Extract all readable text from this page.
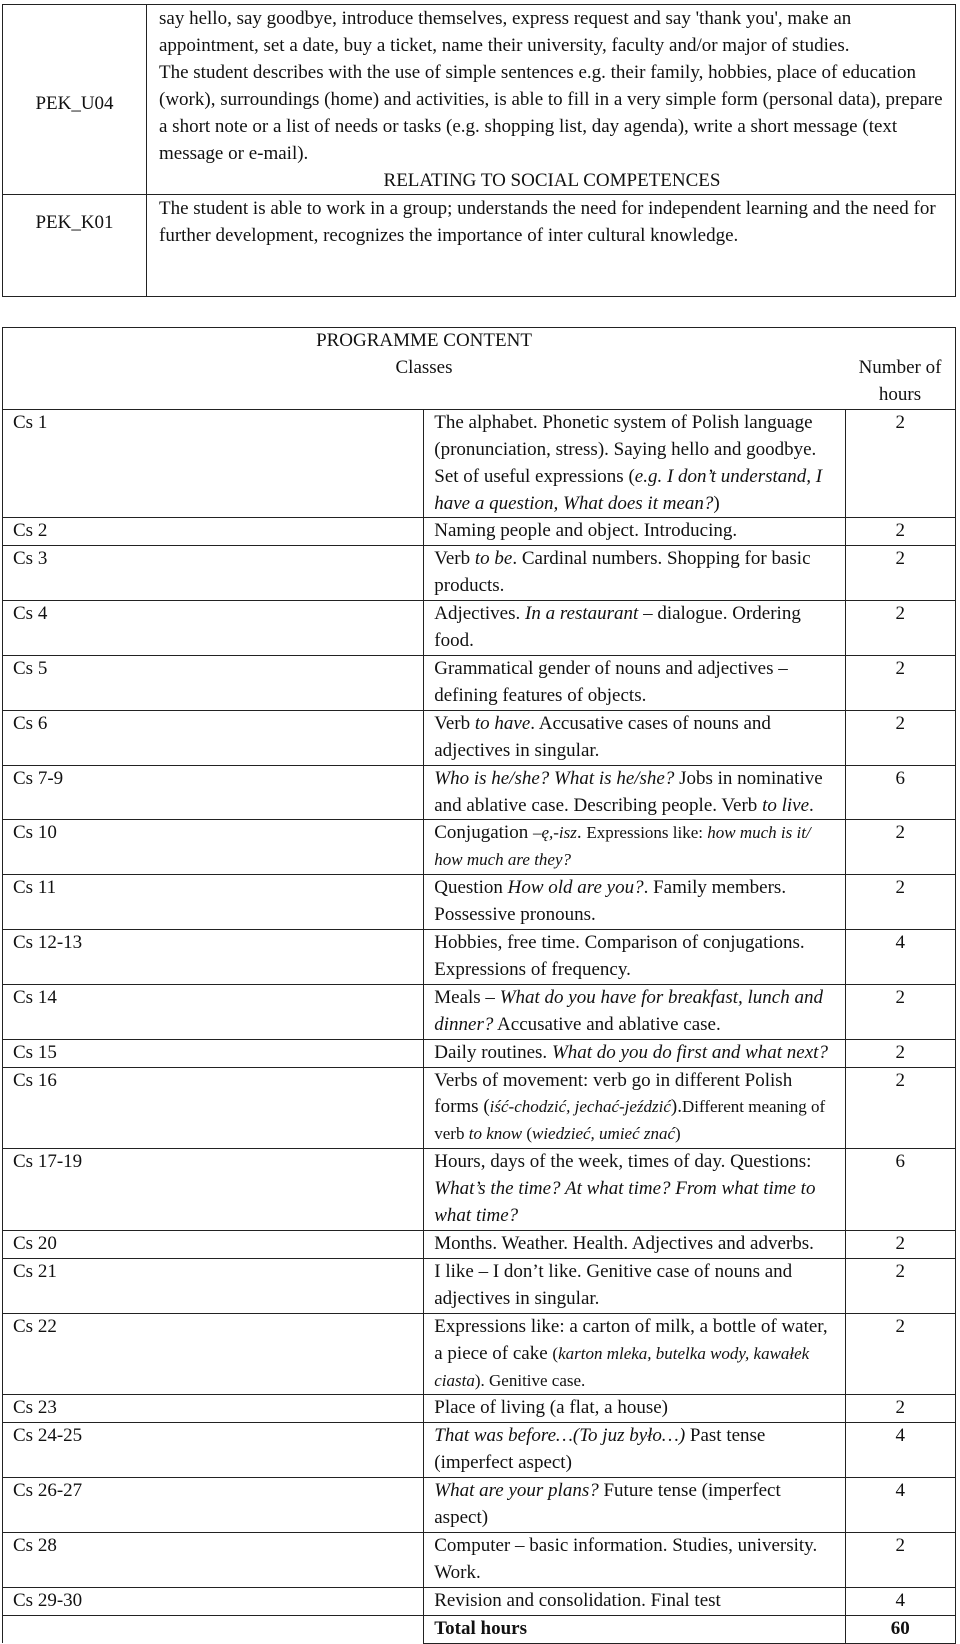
PEK_U04	say hello, say goodbye, introduce themselves, express request and say 'thank you', make an appointment, set a date, buy a ticket, name their university, faculty and/or major of studies.
The student describes with the use of simple sentences e.g. their family, hobbies, place of education (work), surroundings (home) and activities, is able to fill in a very simple form (personal data), prepare a short note or a list of needs or tasks (e.g. shopping list, day agenda), write a short message (text message or e-mail).
RELATING TO SOCIAL COMPETENCES

PEK_K01	The student is able to work in a group; understands the need for independent learning and the need for further development, recognizes the importance of inter cultural knowledge.
PROGRAMME CONTENT
Classes		Number of hours

Cs 1	The alphabet. Phonetic system of Polish language (pronunciation, stress). Saying hello and goodbye. Set of useful expressions (e.g. I don’t understand, I have a question, What does it mean?)	2
Cs 2	Naming people and object. Introducing.	2
Cs 3	Verb to be. Cardinal numbers. Shopping for basic products.	2
Cs 4	Adjectives. In a restaurant – dialogue. Ordering food.	2
Cs 5	Grammatical gender of nouns and adjectives – defining features of objects.	2
Cs 6	Verb to have. Accusative cases of nouns and adjectives in singular.	2
Cs 7-9	Who is he/she? What is he/she? Jobs in nominative and ablative case. Describing people. Verb to live.	6
Cs 10	Conjugation –ę,-isz. Expressions like: how much is it/ how much are they?	2
Cs 11	Question How old are you?. Family members. Possessive pronouns.	2
Cs 12-13	Hobbies, free time. Comparison of conjugations. Expressions of frequency.	4
Cs 14	Meals – What do you have for breakfast, lunch and dinner? Accusative and ablative case.	2
Cs 15	Daily routines. What do you do first and what next?	2
Cs 16	Verbs of movement: verb go in different Polish forms (iść-chodzić, jechać-jeździć).Different meaning of verb to know (wiedzieć, umieć znać)	2
Cs 17-19	Hours, days of the week, times of day. Questions: What’s the time? At what time? From what time to what time?	6
Cs 20	Months. Weather. Health. Adjectives and adverbs.	2
Cs 21	I like – I don’t like. Genitive case of nouns and adjectives in singular.	2
Cs 22	Expressions like: a carton of milk, a bottle of water, a piece of cake (karton mleka, butelka wody, kawałek ciasta). Genitive case.	2
Cs 23	Place of living (a flat, a house)	2
Cs 24-25	That was before…(To juz było…) Past tense (imperfect aspect)	4
Cs 26-27	What are your plans? Future tense (imperfect aspect)	4
Cs 28	Computer – basic information. Studies, university. Work.	2
Cs 29-30	Revision and consolidation. Final test	4
	Total hours	60
